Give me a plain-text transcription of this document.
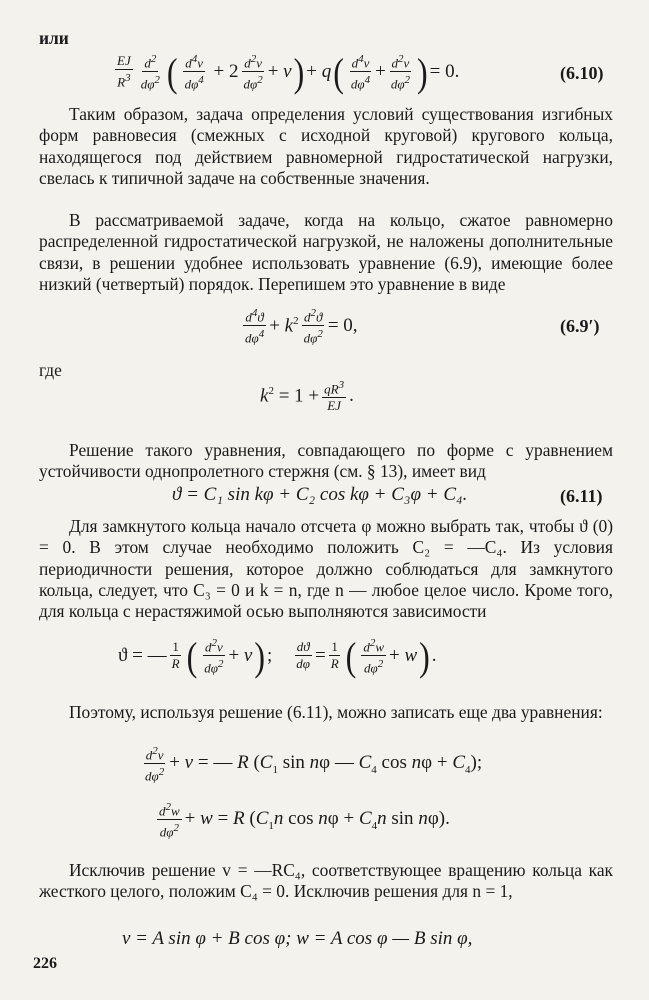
или
$\frac{EJ}{R^3} \frac{d^2}{d\varphi^2}$ ( $\frac{d^4v}{d\varphi^4} + 2 \frac{d^2v}{d\varphi^2} + v$ ) + q ( $\frac{d^4v}{d\varphi^4} + \frac{d^2v}{d\varphi^2}$ ) = 0.	(6.10)
Таким образом, задача определения условий существования изгибных форм равновесия (смежных с исходной круговой) кругового кольца, находящегося под действием равномерной гидростатической нагрузки, свелась к типичной задаче на собственные значения.
В рассматриваемой задаче, когда на кольцо, сжатое равномерно распределенной гидростатической нагрузкой, не наложены дополнительные связи, в решении удобнее использовать уравнение (6.9), имеющие более низкий (четвертый) порядок. Перепишем это уравнение в виде
$\frac{d^4ϑ}{d\varphi^4} + k^2 \frac{d^2ϑ}{d\varphi^2} = 0$,	(6.9′)
где
$k^2 = 1 + \frac{qR^3}{EJ}$ .
Решение такого уравнения, совпадающего по форме с уравнением устойчивости однопролетного стержня (см. § 13), имеет вид
ϑ = C₁ sin kφ + C₂ cos kφ + C₃φ + C₄.	(6.11)
Для замкнутого кольца начало отсчета φ можно выбрать так, чтобы ϑ (0) = 0. В этом случае необходимо положить C₂ = —C₄. Из условия периодичности решения, которое должно соблюдаться для замкнутого кольца, следует, что C₃ = 0 и k = n, где n — любое целое число. Кроме того, для кольца с нерастяжимой осью выполняются зависимости
ϑ = — $\frac{1}{R}$ ( $\frac{d^2v}{d\varphi^2} + v$ ) ; $\frac{dϑ}{d\varphi} = \frac{1}{R}$ ( $\frac{d^2w}{d\varphi^2} + w$ ) .
Поэтому, используя решение (6.11), можно записать еще два уравнения:
$\frac{d^2v}{d\varphi^2} + v$ = — R ($C_1$ sin nφ — $C_4$ $\cos n\varphi + C_4$);
$\frac{d^2w}{d\varphi^2} + w = R$ ($C_1n$ $\cos n\varphi + C_4n$ sin nφ).
Исключив решение v = —RC₄, соответствующее вращению кольца как жесткого целого, положим C₄ = 0. Исключив решения для n = 1,
v = A sin φ + B cos φ; w = A cos φ — B sin φ,
226
